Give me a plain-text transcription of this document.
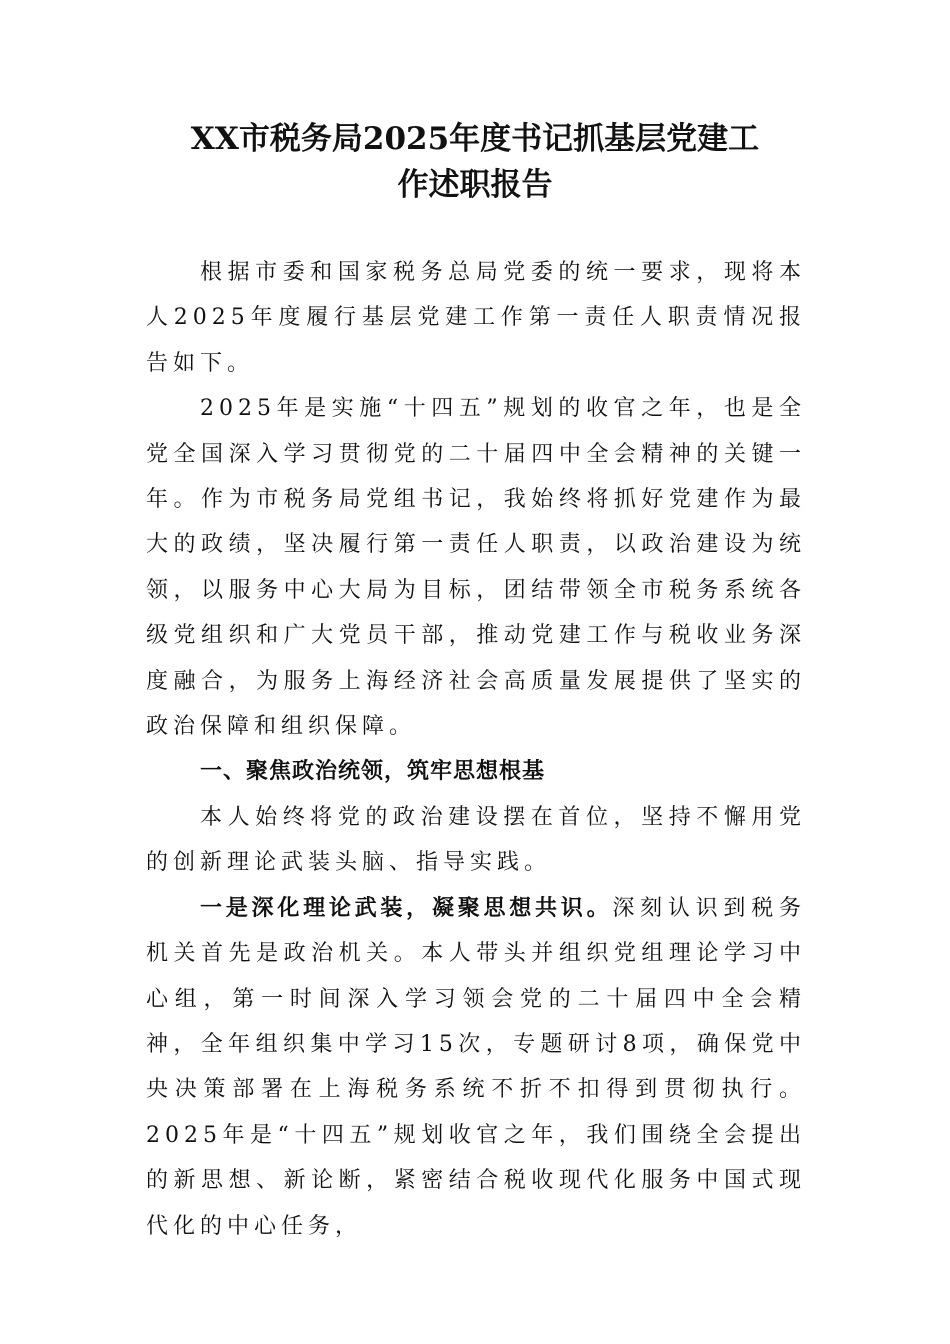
XX市税务局2025年度书记抓基层党建工
作述职报告

根据市委和国家税务总局党委的统一要求，现将本人2025年度履行基层党建工作第一责任人职责情况报告如下。

2025年是实施“十四五”规划的收官之年，也是全党全国深入学习贯彻党的二十届四中全会精神的关键一年。作为市税务局党组书记，我始终将抓好党建作为最大的政绩，坚决履行第一责任人职责，以政治建设为统领，以服务中心大局为目标，团结带领全市税务系统各级党组织和广大党员干部，推动党建工作与税收业务深度融合，为服务上海经济社会高质量发展提供了坚实的政治保障和组织保障。

一、聚焦政治统领，筑牢思想根基

本人始终将党的政治建设摆在首位，坚持不懈用党的创新理论武装头脑、指导实践。

一是深化理论武装，凝聚思想共识。深刻认识到税务机关首先是政治机关。本人带头并组织党组理论学习中心组，第一时间深入学习领会党的二十届四中全会精神，全年组织集中学习15次，专题研讨8项，确保党中央决策部署在上海税务系统不折不扣得到贯彻执行。2025年是“十四五”规划收官之年，我们围绕全会提出的新思想、新论断，紧密结合税收现代化服务中国式现代化的中心任务，
